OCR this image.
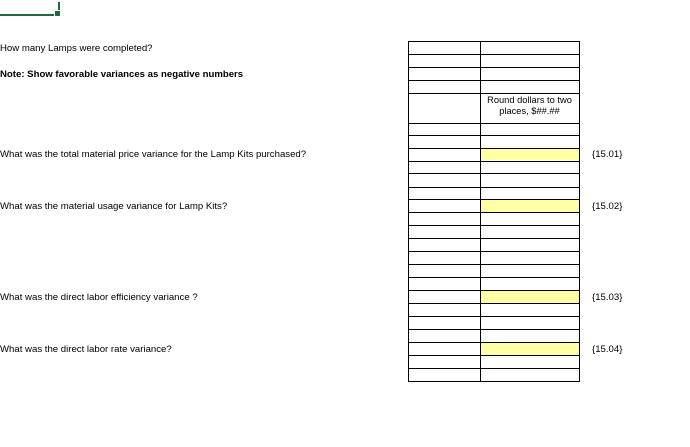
How many Lamps were completed?
Note: Show favorable variances as negative numbers
What was the total material price variance for the Lamp Kits purchased?
What was the material usage variance for Lamp Kits?
What was the direct labor efficiency variance ?
What was the direct labor rate variance?
Round dollars to two places, $##.##
{15.01}
{15.02}
{15.03}
{15.04}
